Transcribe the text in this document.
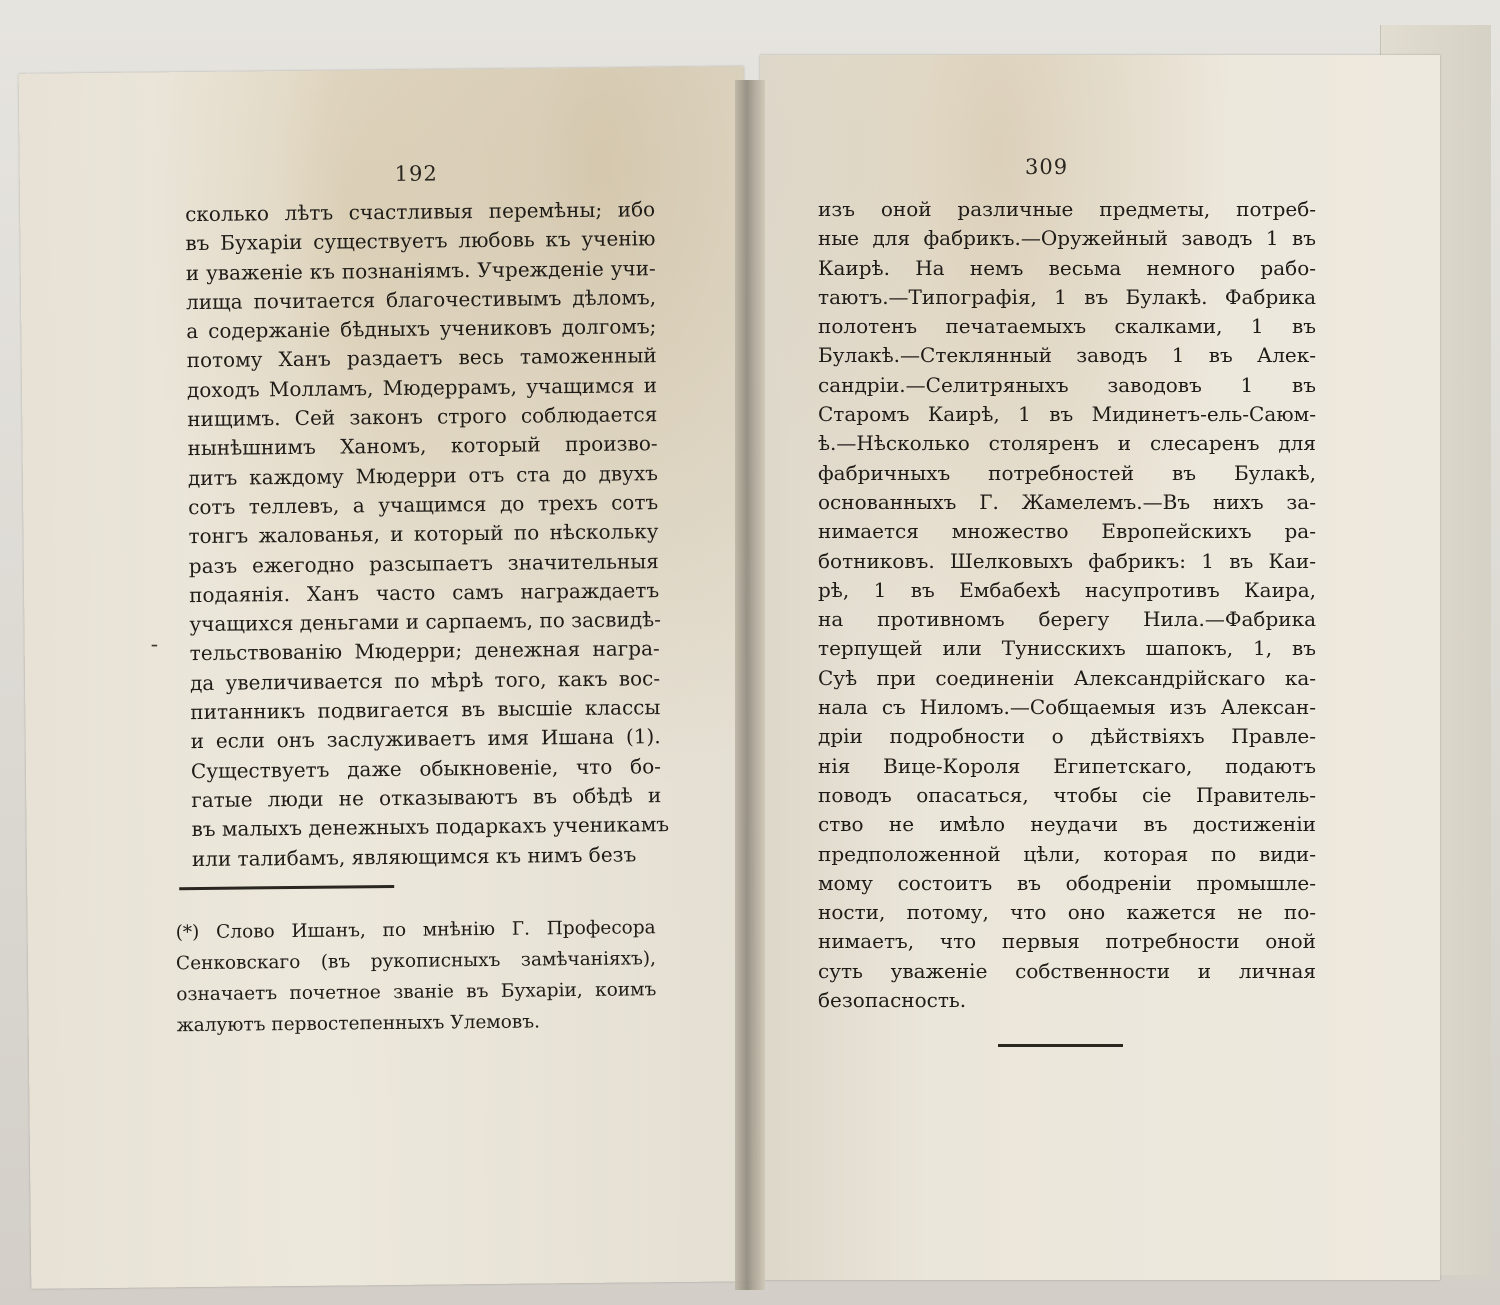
192
сколько лѣтъ счастливыя перемѣны; ибо
въ Бухаріи существуетъ любовь къ ученію
и уваженіе къ познаніямъ. Учрежденіе учи-
лища почитается благочестивымъ дѣломъ,
а содержаніе бѣдныхъ учениковъ долгомъ;
потому Ханъ раздаетъ весь таможенный
доходъ Молламъ, Мюдеррамъ, учащимся и
нищимъ. Сей законъ строго соблюдается
нынѣшнимъ Ханомъ, который произво-
дитъ каждому Мюдерри отъ ста до двухъ
сотъ теллевъ, а учащимся до трехъ сотъ
тонгъ жалованья, и который по нѣскольку
разъ ежегодно разсыпаетъ значительныя
подаянія. Ханъ часто самъ награждаетъ
учащихся деньгами и сарпаемъ, по засвидѣ-
тельствованію Мюдерри; денежная награ-
да увеличивается по мѣрѣ того, какъ вос-
питанникъ подвигается въ высшіе классы
и если онъ заслуживаетъ имя Ишана (1).
Существуетъ даже обыкновеніе, что бо-
гатые люди не отказываютъ въ обѣдѣ и
въ малыхъ денежныхъ подаркахъ ученикамъ
или талибамъ, являющимся къ нимъ безъ
(*) Слово Ишанъ, по мнѣнію Г. Професора
Сенковскаго (въ рукописныхъ замѣчаніяхъ),
означаетъ почетное званіе въ Бухаріи, коимъ
жалуютъ первостепенныхъ Улемовъ.
-
309
изъ оной различные предметы, потреб-
ные для фабрикъ.—Оружейный заводъ 1 въ
Каирѣ. На немъ весьма немного рабо-
таютъ.—Типографія, 1 въ Булакѣ. Фабрика
полотенъ печатаемыхъ скалками, 1 въ
Булакѣ.—Стеклянный заводъ 1 въ Алек-
сандріи.—Селитряныхъ заводовъ 1 въ
Старомъ Каирѣ, 1 въ Мидинетъ-ель-Саюм-
ѣ.—Нѣсколько столяренъ и слесаренъ для
фабричныхъ потребностей въ Булакѣ,
основанныхъ Г. Жамелемъ.—Въ нихъ за-
нимается множество Европейскихъ ра-
ботниковъ. Шелковыхъ фабрикъ: 1 въ Каи-
рѣ, 1 въ Ембабехѣ насупротивъ Каира,
на противномъ берегу Нила.—Фабрика
терпущей или Тунисскихъ шапокъ, 1, въ
Суѣ при соединеніи Александрійскаго ка-
нала съ Ниломъ.—Собщаемыя изъ Алексан-
дріи подробности о дѣйствіяхъ Правле-
нія Вице-Короля Египетскаго, подаютъ
поводъ опасаться, чтобы сіе Правитель-
ство не имѣло неудачи въ достиженіи
предположенной цѣли, которая по види-
мому состоитъ въ ободреніи промышле-
ности, потому, что оно кажется не по-
нимаетъ, что первыя потребности оной
суть уваженіе собственности и личная
безопасность.
